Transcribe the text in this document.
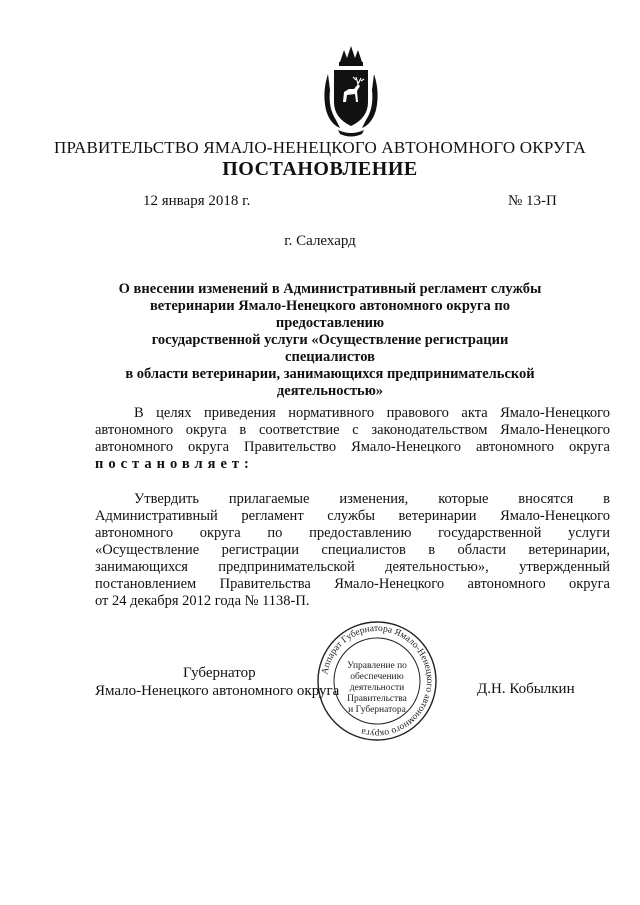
ПРАВИТЕЛЬСТВО ЯМАЛО-НЕНЕЦКОГО АВТОНОМНОГО ОКРУГА
ПОСТАНОВЛЕНИЕ
12 января 2018 г.	№ 13-П
г. Салехард
О внесении изменений в Административный регламент службы
ветеринарии Ямало-Ненецкого автономного округа по предоставлению
государственной услуги «Осуществление регистрации специалистов
в области ветеринарии, занимающихся предпринимательской
деятельностью»
В целях приведения нормативного правового акта Ямало-Ненецкого
автономного округа в соответствие с законодательством Ямало-Ненецкого
автономного округа Правительство Ямало-Ненецкого автономного округа
постановляет:
Утвердить прилагаемые изменения, которые вносятся в
Административный регламент службы ветеринарии Ямало-Ненецкого
автономного округа по предоставлению государственной услуги
«Осуществление регистрации специалистов в области ветеринарии,
занимающихся предпринимательской деятельностью», утвержденный
постановлением Правительства Ямало-Ненецкого автономного округа
от 24 декабря 2012 года № 1138-П.
Аппарат Губернатора Ямало-Ненецкого автономного округа
Управление по
обеспечению
деятельности
Правительства
и Губернатора
Губернатор
Ямало-Ненецкого автономного округа	Д.Н. Кобылкин
